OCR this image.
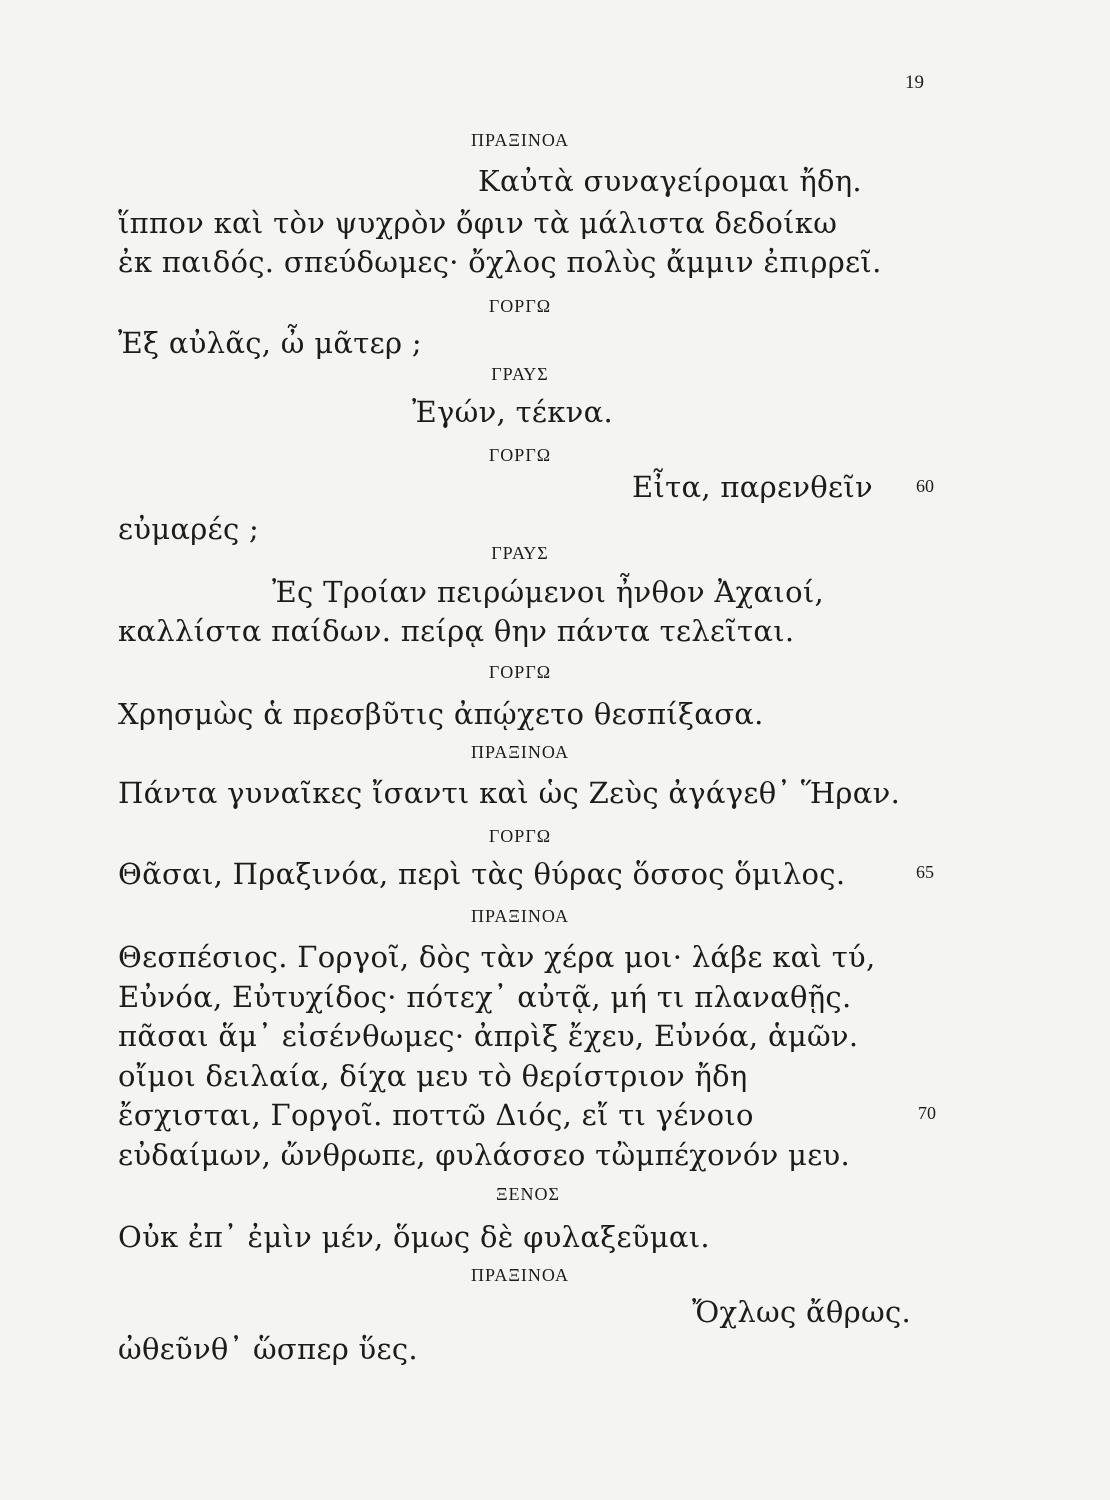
19
ΠΡΑΞΙΝΟΑ
Καὐτὰ συναγείρομαι ἤδη.
ἵππον καὶ τὸν ψυχρὸν ὄφιν τὰ μάλιστα δεδοίκω
ἐκ παιδός. σπεύδωμες· ὄχλος πολὺς ἄμμιν ἐπιρρεῖ.
ΓΟΡΓΩ
Ἐξ αὐλᾶς, ὦ μᾶτερ ;
ΓΡΑΥΣ
Ἐγών, τέκνα.
ΓΟΡΓΩ
Εἶτα, παρενθεῖν 60
εὐμαρές ;
ΓΡΑΥΣ
Ἐς Τροίαν πειρώμενοι ἦνθον Ἀχαιοί,
καλλίστα παίδων. πείρᾳ θην πάντα τελεῖται.
ΓΟΡΓΩ
Χρησμὼς ἁ πρεσβῦτις ἀπῴχετο θεσπίξασα.
ΠΡΑΞΙΝΟΑ
Πάντα γυναῖκες ἴσαντι καὶ ὡς Ζεὺς ἀγάγεθ᾽ Ἥραν.
ΓΟΡΓΩ
Θᾶσαι, Πραξινόα, περὶ τὰς θύρας ὅσσος ὅμιλος.	65
ΠΡΑΞΙΝΟΑ
Θεσπέσιος. Γοργοῖ, δὸς τὰν χέρα μοι· λάβε καὶ τύ,
Εὐνόα, Εὐτυχίδος· πότεχ᾽ αὐτᾷ, μή τι πλαναθῇς.
πᾶσαι ἅμ᾽ εἰσένθωμες· ἀπρὶξ ἔχευ, Εὐνόα, ἁμῶν.
οἴμοι δειλαία, δίχα μευ τὸ θερίστριον ἤδη
ἔσχισται, Γοργοῖ. ποττῶ Διός, εἴ τι γένοιο	70
εὐδαίμων, ὤνθρωπε, φυλάσσεο τὢμπέχονόν μευ.
ΞΕΝΟΣ
Οὐκ ἐπ᾽ ἐμὶν μέν, ὅμως δὲ φυλαξεῦμαι.
ΠΡΑΞΙΝΟΑ
Ὄχλως ἄθρως.
ὠθεῦνθ᾽ ὥσπερ ὕες.
